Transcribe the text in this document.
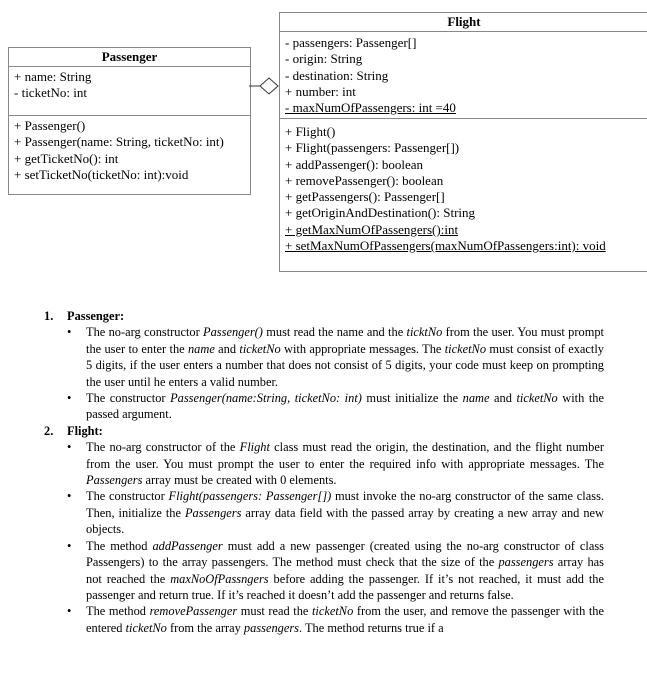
Passenger
+ name: String
- ticketNo: int
+ Passenger()
+ Passenger(name: String, ticketNo: int)
+ getTicketNo(): int
+ setTicketNo(ticketNo: int):void
Flight
- passengers: Passenger[]
- origin: String
- destination: String
+ number: int
- maxNumOfPassengers: int =40
+ Flight()
+ Flight(passengers: Passenger[])
+ addPassenger(): boolean
+ removePassenger(): boolean
+ getPassengers(): Passenger[]
+ getOriginAndDestination(): String
+ getMaxNumOfPassengers():int
+ setMaxNumOfPassengers(maxNumOfPassengers:int): void
1. Passenger:
• The no-arg constructor Passenger() must read the name and the ticktNo from the user. You must prompt the user to enter the name and ticketNo with appropriate messages. The ticketNo must consist of exactly 5 digits, if the user enters a number that does not consist of 5 digits, your code must keep on prompting the user until he enters a valid number.
• The constructor Passenger(name:String, ticketNo: int) must initialize the name and ticketNo with the passed argument.
2. Flight:
• The no-arg constructor of the Flight class must read the origin, the destination, and the flight number from the user. You must prompt the user to enter the required info with appropriate messages. The Passengers array must be created with 0 elements.
• The constructor Flight(passengers: Passenger[]) must invoke the no-arg constructor of the same class. Then, initialize the Passengers array data field with the passed array by creating a new array and new objects.
• The method addPassenger must add a new passenger (created using the no-arg constructor of class Passengers) to the array passengers. The method must check that the size of the passengers array has not reached the maxNoOfPassngers before adding the passenger. If it’s not reached, it must add the passenger and return true. If it’s reached it doesn’t add the passenger and returns false.
• The method removePassenger must read the ticketNo from the user, and remove the passenger with the entered ticketNo from the array passengers. The method returns true if a
